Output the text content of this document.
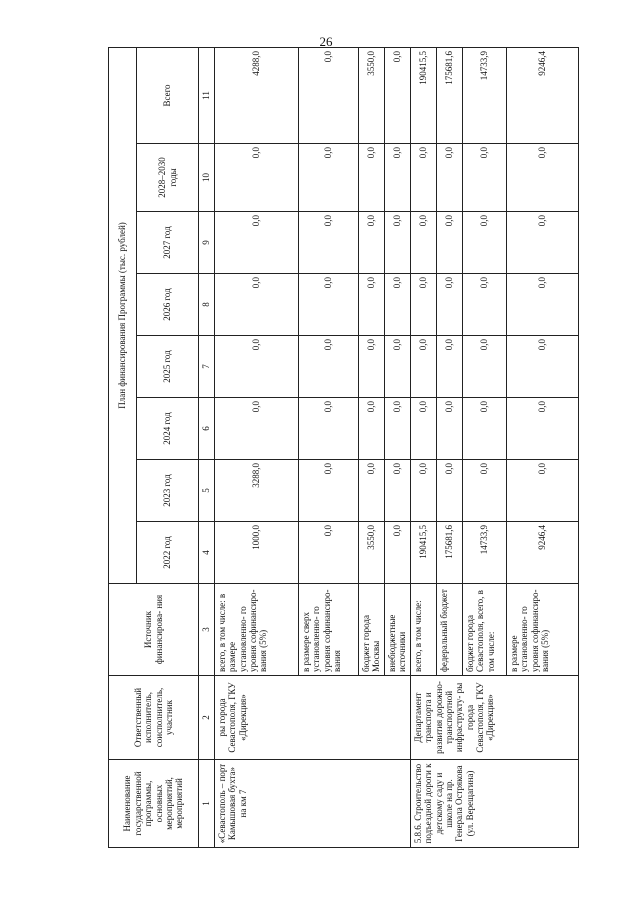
26
Наименование государственной программы, основных мероприятий, мероприятий	Ответственный исполнитель, соисполнитель, участник	Источник финансирова- ния	План финансирования Программы (тыс. рублей)							
			2022 год	2023 год	2024 год	2025 год	2026 год	2027 год	2028–2030 годы	Всего
1	2	3	4	5	6	7	8	9	10	11
«Севастополь – порт Камышовая бухта» на км 7	ры города Севастополя, ГКУ «Дирекция»	всего, в том числе: в размере установленно- го уровня софинансиро- вания (5%)	1000,0	3288,0	0,0	0,0	0,0	0,0	0,0	4288,0
		в размере сверх установленно- го уровня софинансиро- вания	0,0	0,0	0,0	0,0	0,0	0,0	0,0	0,0
		бюджет города Москвы	3550,0	0,0	0,0	0,0	0,0	0,0	0,0	3550,0
		внебюджетные источники	0,0	0,0	0,0	0,0	0,0	0,0	0,0	0,0
5.8.6. Строительство подъездной дороги к детскому саду и школе на пр. Генерала Острякова (ул. Верещагина)	Департамент транспорта и развития дорожно- транспортной инфраструкту- ры города Севастополя, ГКУ «Дирекция»	всего, в том числе:	190415,5	0,0	0,0	0,0	0,0	0,0	0,0	190415,5
		федеральный бюджет	175681,6	0,0	0,0	0,0	0,0	0,0	0,0	175681,6
		бюджет города Севастополя, всего, в том числе:	14733,9	0,0	0,0	0,0	0,0	0,0	0,0	14733,9
		в размере установленно- го уровня софинансиро- вания (5%)	9246,4	0,0	0,0	0,0	0,0	0,0	0,0	9246,4
